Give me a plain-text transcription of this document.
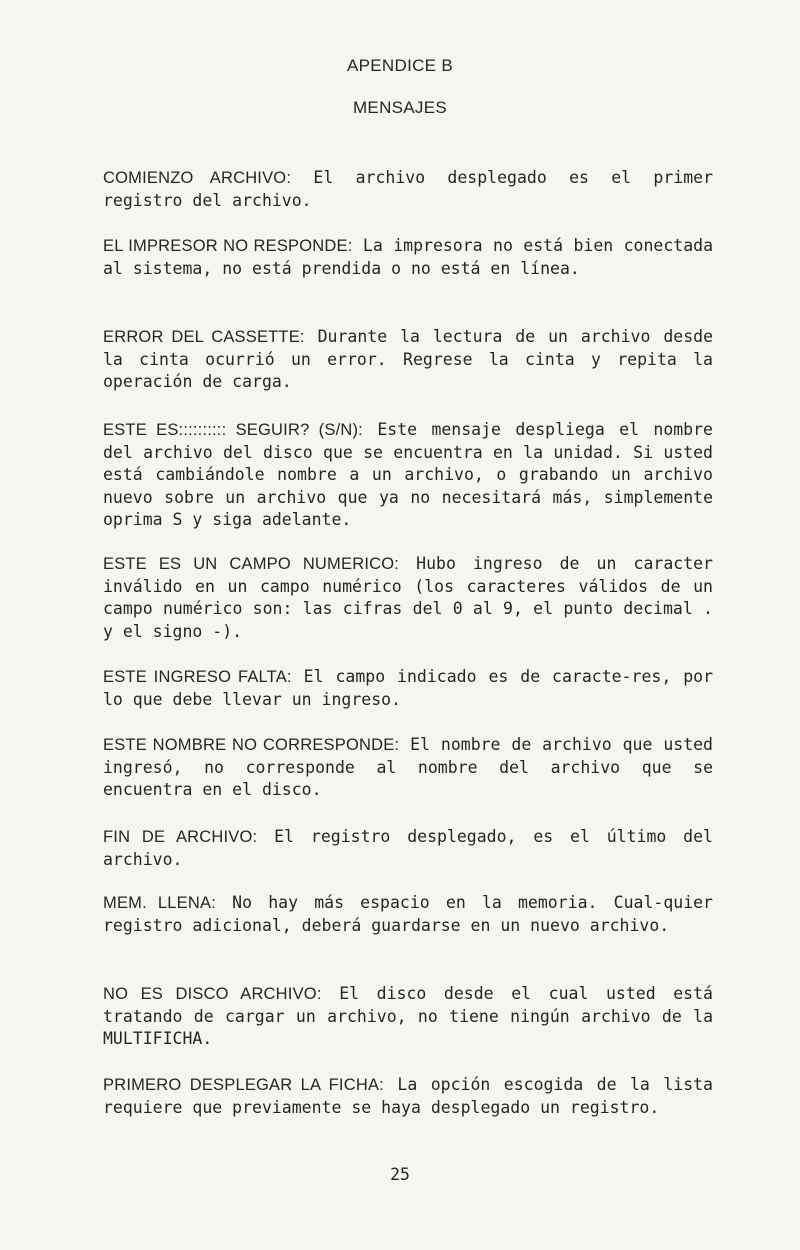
APENDICE B
MENSAJES
COMIENZO ARCHIVO: El archivo desplegado es el primer registro del archivo.
EL IMPRESOR NO RESPONDE: La impresora no está bien conectada al sistema, no está prendida o no está en línea.
ERROR DEL CASSETTE: Durante la lectura de un archivo desde la cinta ocurrió un error. Regrese la cinta y repita la operación de carga.
ESTE ES:::::::::: SEGUIR? (S/N): Este mensaje despliega el nombre del archivo del disco que se encuentra en la unidad. Si usted está cambiándole nombre a un archivo, o grabando un archivo nuevo sobre un archivo que ya no necesitará más, simplemente oprima S y siga adelante.
ESTE ES UN CAMPO NUMERICO: Hubo ingreso de un caracter inválido en un campo numérico (los caracteres válidos de un campo numérico son: las cifras del 0 al 9, el punto decimal . y el signo -).
ESTE INGRESO FALTA: El campo indicado es de caracte-res, por lo que debe llevar un ingreso.
ESTE NOMBRE NO CORRESPONDE: El nombre de archivo que usted ingresó, no corresponde al nombre del archivo que se encuentra en el disco.
FIN DE ARCHIVO: El registro desplegado, es el último del archivo.
MEM. LLENA: No hay más espacio en la memoria. Cual-quier registro adicional, deberá guardarse en un nuevo archivo.
NO ES DISCO ARCHIVO: El disco desde el cual usted está tratando de cargar un archivo, no tiene ningún archivo de la MULTIFICHA.
PRIMERO DESPLEGAR LA FICHA: La opción escogida de la lista requiere que previamente se haya desplegado un registro.
25
